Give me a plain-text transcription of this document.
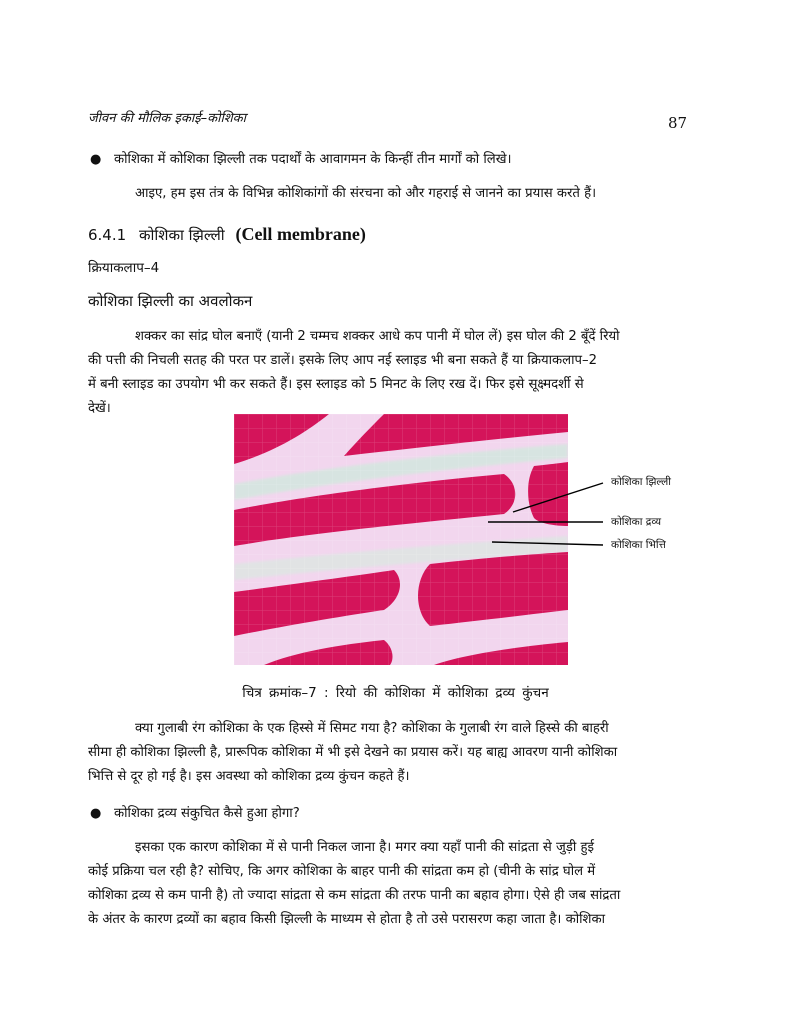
जीवन की मौलिक इकाई–कोशिका	87
● कोशिका में कोशिका झिल्ली तक पदार्थों के आवागमन के किन्हीं तीन मार्गों को लिखे।

आइए, हम इस तंत्र के विभिन्न कोशिकांगों की संरचना को और गहराई से जानने का प्रयास करते हैं।

6.4.1 कोशिका झिल्ली (Cell membrane)
क्रियाकलाप–4
कोशिका झिल्ली का अवलोकन

शक्कर का सांद्र घोल बनाएँ (यानी 2 चम्मच शक्कर आधे कप पानी में घोल लें) इस घोल की 2 बूँदें रियो

की पत्ती की निचली सतह की परत पर डालें। इसके लिए आप नई स्लाइड भी बना सकते हैं या क्रियाकलाप–2

में बनी स्लाइड का उपयोग भी कर सकते हैं। इस स्लाइड को 5 मिनट के लिए रख दें। फिर इसे सूक्ष्मदर्शी से

देखें।

कोशिका झिल्ली
कोशिका द्रव्य
कोशिका भित्ति
चित्र क्रमांक–7 : रियो की कोशिका में कोशिका द्रव्य कुंचन

क्या गुलाबी रंग कोशिका के एक हिस्से में सिमट गया है? कोशिका के गुलाबी रंग वाले हिस्से की बाहरी

सीमा ही कोशिका झिल्ली है, प्रारूपिक कोशिका में भी इसे देखने का प्रयास करें। यह बाह्य आवरण यानी कोशिका

भित्ति से दूर हो गई है। इस अवस्था को कोशिका द्रव्य कुंचन कहते हैं।

● कोशिका द्रव्य संकुचित कैसे हुआ होगा?

इसका एक कारण कोशिका में से पानी निकल जाना है। मगर क्या यहाँ पानी की सांद्रता से जुड़ी हुई

कोई प्रक्रिया चल रही है? सोचिए, कि अगर कोशिका के बाहर पानी की सांद्रता कम हो (चीनी के सांद्र घोल में

कोशिका द्रव्य से कम पानी है) तो ज्यादा सांद्रता से कम सांद्रता की तरफ पानी का बहाव होगा। ऐसे ही जब सांद्रता

के अंतर के कारण द्रव्यों का बहाव किसी झिल्ली के माध्यम से होता है तो उसे परासरण कहा जाता है। कोशिका
